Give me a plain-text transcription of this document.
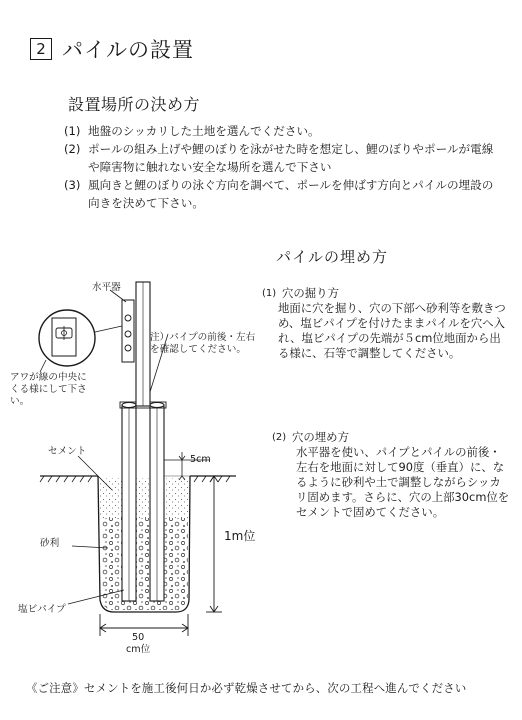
2 パイルの設置
設置場所の決め方
(1) 地盤のシッカリした土地を選んでください。
(2) ポールの組み上げや鯉のぼりを泳がせた時を想定し、鯉のぼりやポールが電線や障害物に触れない安全な場所を選んで下さい
(3) 風向きと鯉のぼりの泳ぐ方向を調べて、ポールを伸ばす方向とパイルの埋設の向きを決めて下さい。
パイルの埋め方
(1) 穴の掘り方
地面に穴を掘り、穴の下部へ砂利等を敷きつめ、塩ビパイプを付けたままパイルを穴へ入れ、塩ビパイプの先端が５cm位地面から出る様に、石等で調整してください。
(2) 穴の埋め方
水平器を使い、パイプとパイルの前後・左右を地面に対して90度（垂直）に、なるように砂利や土で調整しながらシッカリ固めます。さらに、穴の上部30cm位をセメントで固めてください。
水平器
アワが線の中央にくる様にして下さい。
注）パイプの前後・左右を確認してください。
セメント
砂利
塩ビパイプ
5cm
1m位
50
cm位
《ご注意》セメントを施工後何日か必ず乾燥させてから、次の工程へ進んでください
